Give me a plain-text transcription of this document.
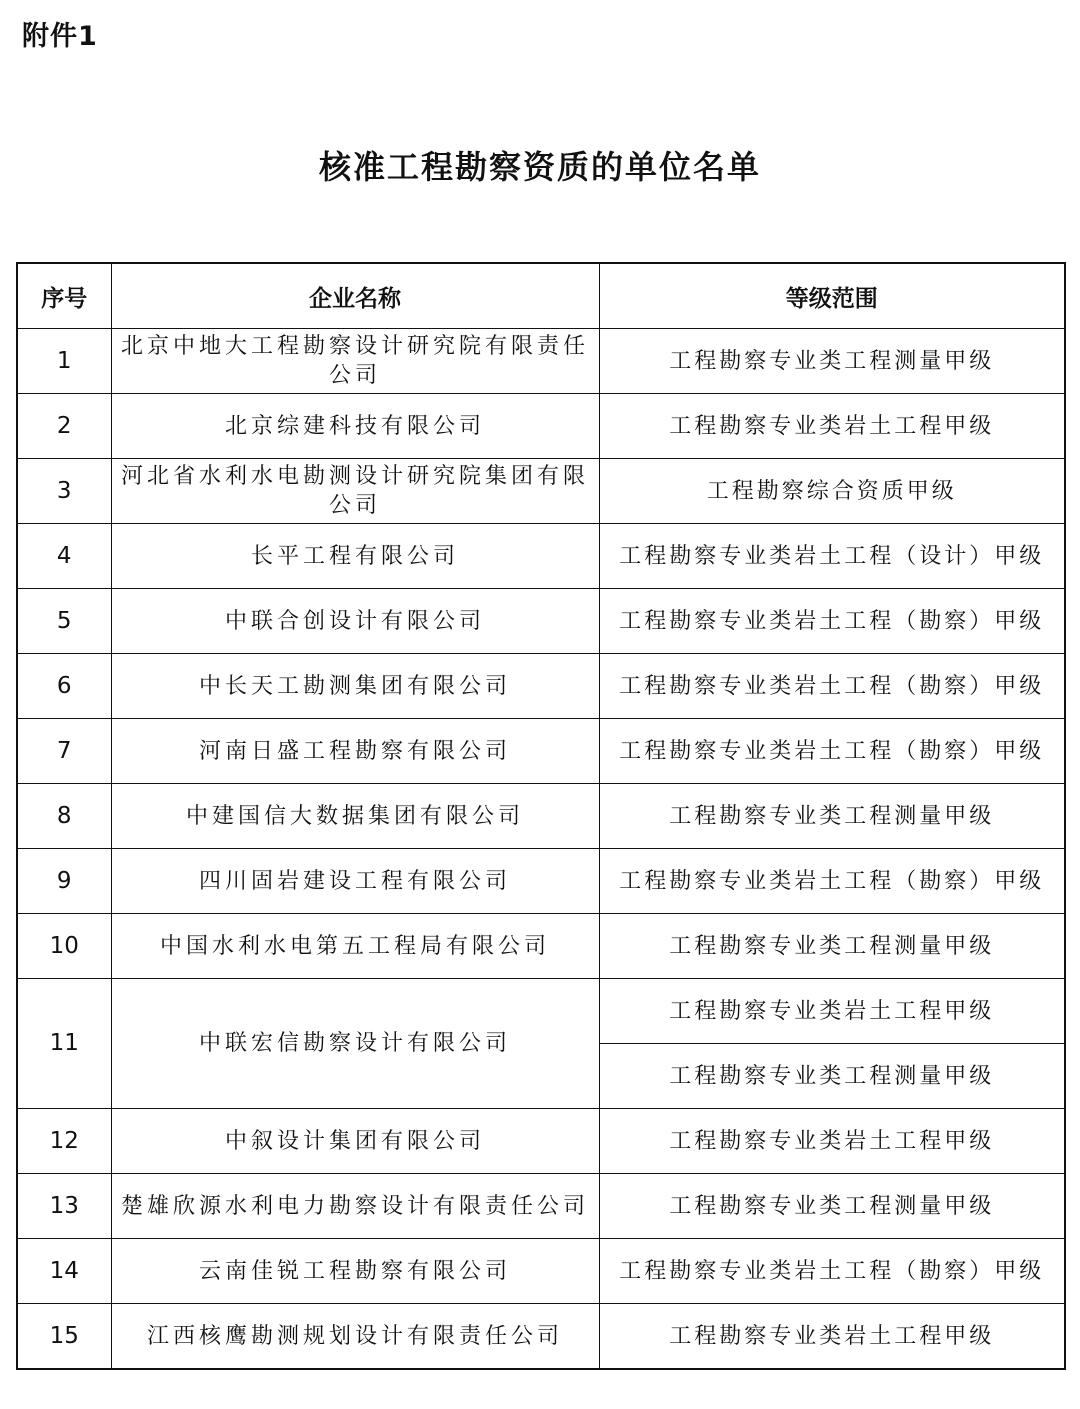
附件1
核准工程勘察资质的单位名单
序号	企业名称	等级范围
1	北京中地大工程勘察设计研究院有限责任公司	工程勘察专业类工程测量甲级
2	北京综建科技有限公司	工程勘察专业类岩土工程甲级
3	河北省水利水电勘测设计研究院集团有限公司	工程勘察综合资质甲级
4	长平工程有限公司	工程勘察专业类岩土工程（设计）甲级
5	中联合创设计有限公司	工程勘察专业类岩土工程（勘察）甲级
6	中长天工勘测集团有限公司	工程勘察专业类岩土工程（勘察）甲级
7	河南日盛工程勘察有限公司	工程勘察专业类岩土工程（勘察）甲级
8	中建国信大数据集团有限公司	工程勘察专业类工程测量甲级
9	四川固岩建设工程有限公司	工程勘察专业类岩土工程（勘察）甲级
10	中国水利水电第五工程局有限公司	工程勘察专业类工程测量甲级
11	中联宏信勘察设计有限公司	工程勘察专业类岩土工程甲级
		工程勘察专业类工程测量甲级
12	中叙设计集团有限公司	工程勘察专业类岩土工程甲级
13	楚雄欣源水利电力勘察设计有限责任公司	工程勘察专业类工程测量甲级
14	云南佳锐工程勘察有限公司	工程勘察专业类岩土工程（勘察）甲级
15	江西核鹰勘测规划设计有限责任公司	工程勘察专业类岩土工程甲级
